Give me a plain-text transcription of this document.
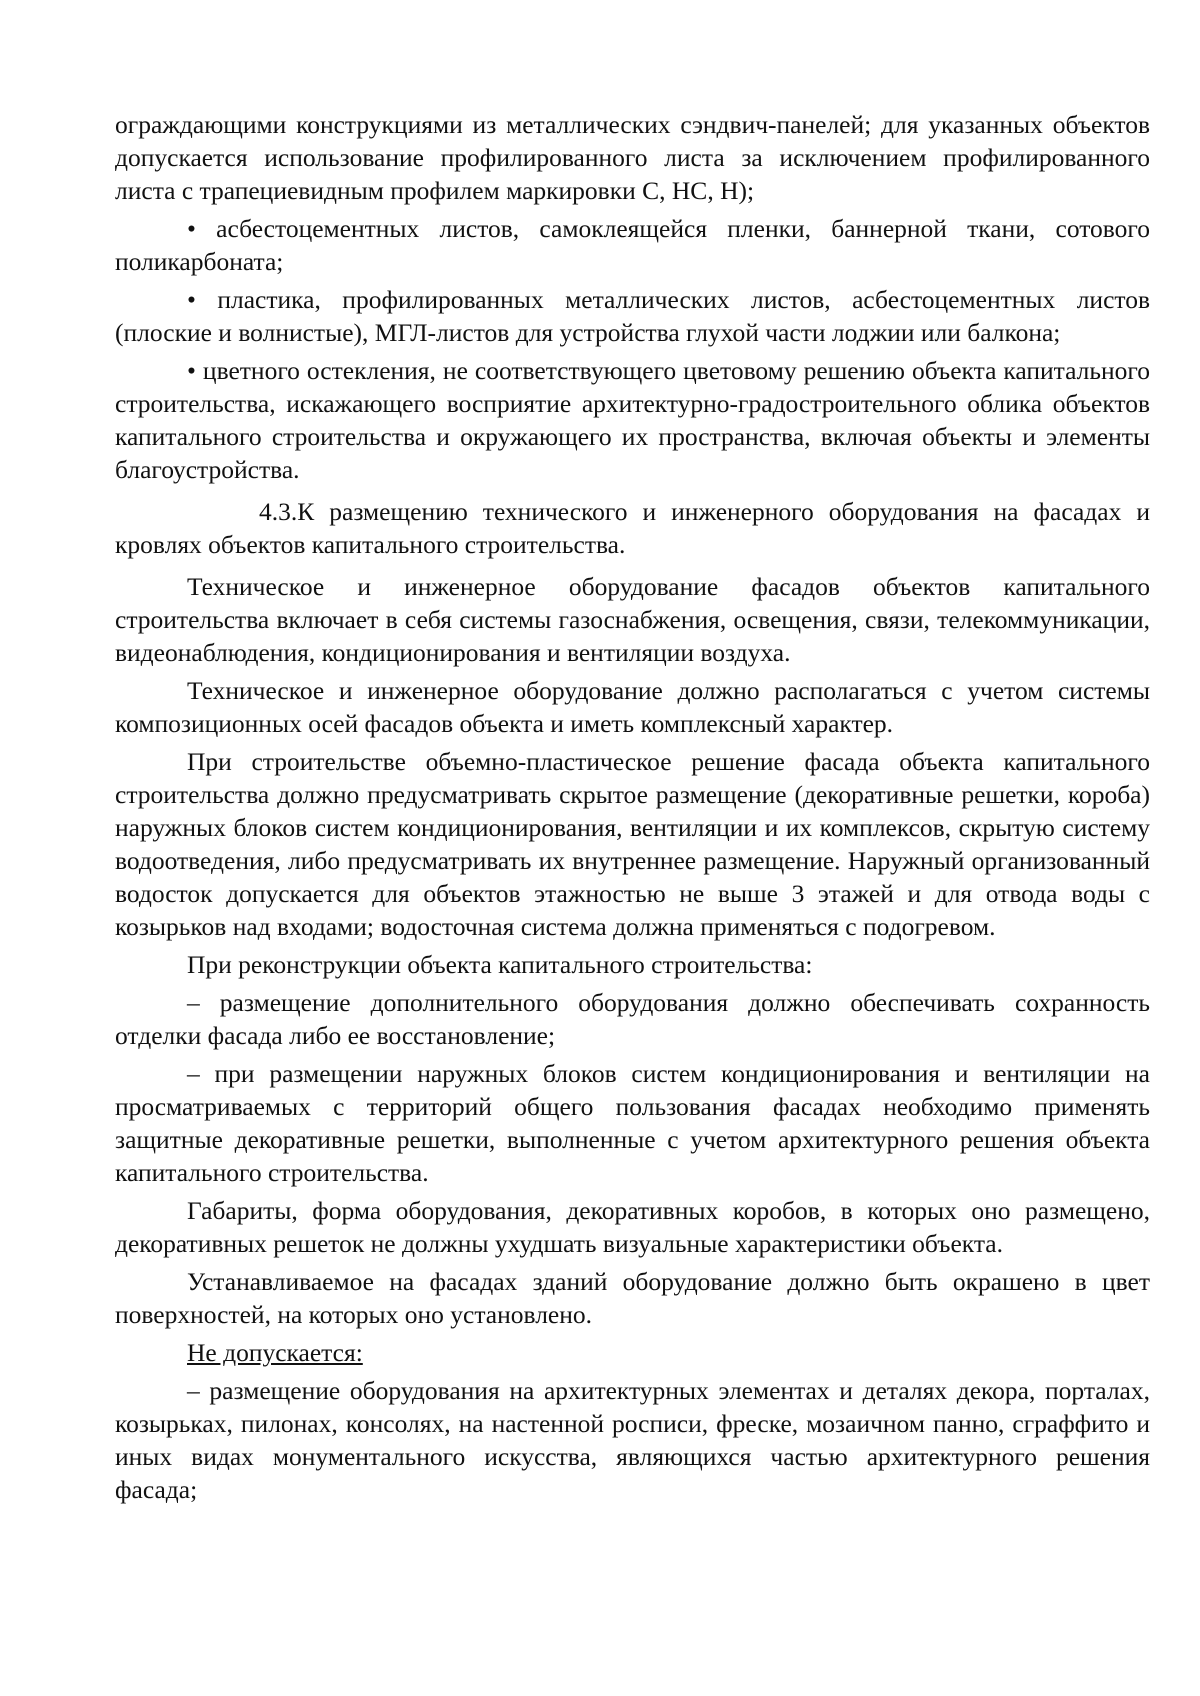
ограждающими конструкциями из металлических сэндвич-панелей; для указанных объектов допускается использование профилированного листа за исключением профилированного листа с трапециевидным профилем маркировки С, НС, Н);

• асбестоцементных листов, самоклеящейся пленки, баннерной ткани, сотового поликарбоната;

• пластика, профилированных металлических листов, асбестоцементных листов (плоские и волнистые), МГЛ-листов для устройства глухой части лоджии или балкона;

• цветного остекления, не соответствующего цветовому решению объекта капитального строительства, искажающего восприятие архитектурно-градостроительного облика объектов капитального строительства и окружающего их пространства, включая объекты и элементы благоустройства.

4.3.К размещению технического и инженерного оборудования на фасадах и кровлях объектов капитального строительства.

Техническое и инженерное оборудование фасадов объектов капитального строительства включает в себя системы газоснабжения, освещения, связи, телекоммуникации, видеонаблюдения, кондиционирования и вентиляции воздуха.

Техническое и инженерное оборудование должно располагаться с учетом системы композиционных осей фасадов объекта и иметь комплексный характер.

При строительстве объемно-пластическое решение фасада объекта капитального строительства должно предусматривать скрытое размещение (декоративные решетки, короба) наружных блоков систем кондиционирования, вентиляции и их комплексов, скрытую систему водоотведения, либо предусматривать их внутреннее размещение. Наружный организованный водосток допускается для объектов этажностью не выше 3 этажей и для отвода воды с козырьков над входами; водосточная система должна применяться с подогревом.

При реконструкции объекта капитального строительства:

– размещение дополнительного оборудования должно обеспечивать сохранность отделки фасада либо ее восстановление;

– при размещении наружных блоков систем кондиционирования и вентиляции на просматриваемых с территорий общего пользования фасадах необходимо применять защитные декоративные решетки, выполненные с учетом архитектурного решения объекта капитального строительства.

Габариты, форма оборудования, декоративных коробов, в которых оно размещено, декоративных решеток не должны ухудшать визуальные характеристики объекта.

Устанавливаемое на фасадах зданий оборудование должно быть окрашено в цвет поверхностей, на которых оно установлено.

Не допускается:

– размещение оборудования на архитектурных элементах и деталях декора, порталах, козырьках, пилонах, консолях, на настенной росписи, фреске, мозаичном панно, сграффито и иных видах монументального искусства, являющихся частью архитектурного решения фасада;
